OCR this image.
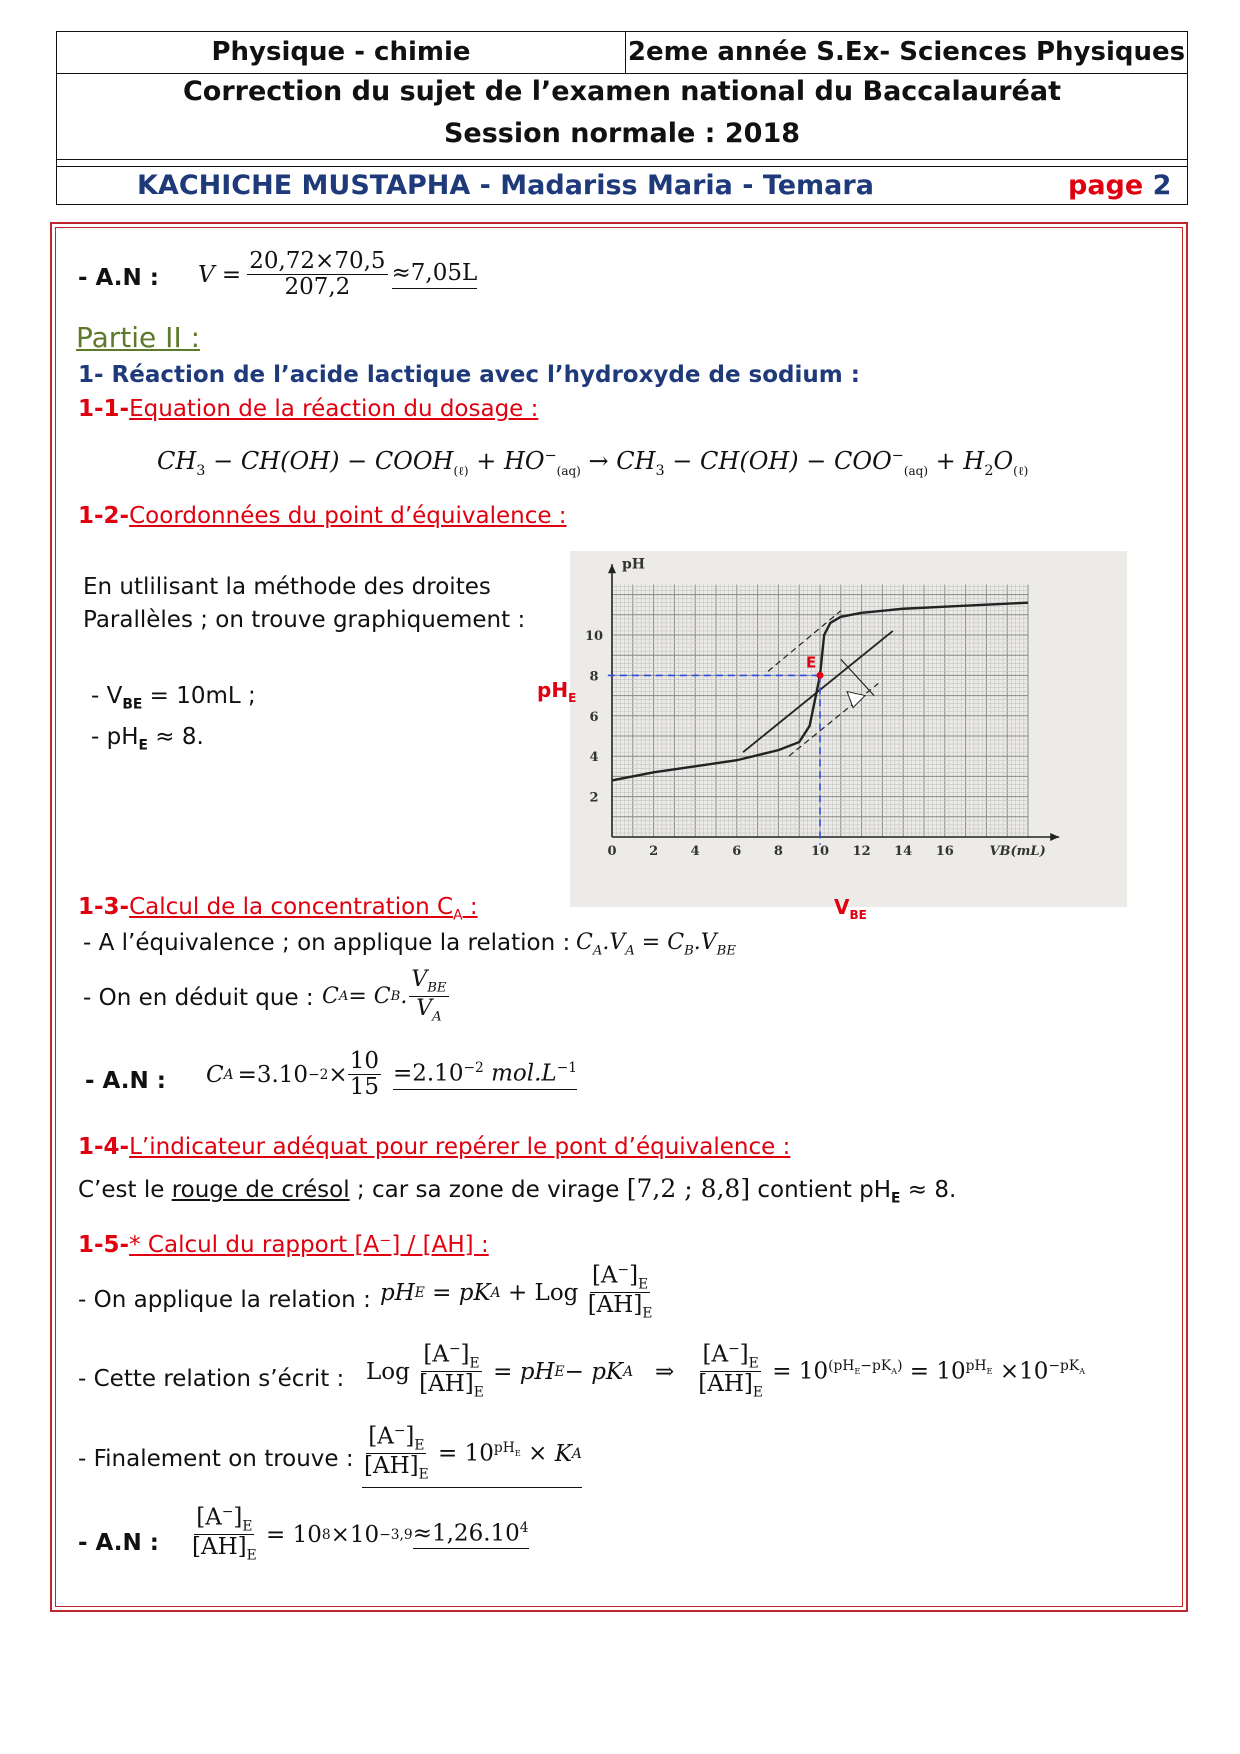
Physique - chimie	2eme année S.Ex- Sciences Physiques
Correction du sujet de l’examen national du Baccalauréat
Session normale : 2018
KACHICHE MUSTAPHA - Madariss Maria - Temara	page 2
- A.N : $V = \frac{20,72\times 70,5}{207,2} \approx 7,05L$
Partie II :
1- Réaction de l’acide lactique avec l’hydroxyde de sodium :
1-1-Equation de la réaction du dosage :
$CH_3 - CH(OH)$ − $COOH_{(\ell)} + HO^-_{(aq)} \to CH_3 - CH(OH) - COO^-_{(aq)} + H_2O_{(\ell)}$
1-2-Coordonnées du point d’équivalence :
En utlilisant la méthode des droites
Parallèles ; on trouve graphiquement :
- $V_{BE} = 10mL$ ;
- $pH_E \approx 8$.
0	2	4	6	8 10 12 14 16
2
4
6
8
10
pH
VB(mL)
E
$pH_E$
$V_{BE}$
1-3-Calcul de la concentration $C_A$ :
- A l’équivalence ; on applique la relation : $C_A.V_A = C_B.V_{BE}$
- On en déduit que : C A = C B . $\frac{V_{BE}}{V_A}$
- A.N : C $A =3.10 -2 \times \frac{10}{15} =2.10^{-2}$ $mol.L^{-1}$
1-4-L’indicateur adéquat pour repérer le pont d’équivalence :
C’est le rouge de crésol ; car sa zone de virage [7,2 ; 8,8] contient $pH_E \approx 8$.
1-5-* Calcul du rapport [A⁻] / [AH] :
- On applique la relation : pH E = pK A + Log
$\frac{[A^-]_E}{[AH]_E}$
- Cette relation s’écrit : Log
$\frac{[A^-]_E}{[AH]_E}$ = pH E − pK A
⇒
$\frac{[A^-]_E}{[AH]_E}$
= $10^{(pH_E-pK_A)} = 10^{pH_E} \times 10^{-pK_A}$
- Finalement on trouve : $\frac{[A^-]_E}{[AH]_E}$
= $10^{pH_E} \times K$ A
- A.N : $\frac{[A^-]_E}{[AH]_E}$
= 10 $8 \times 10 -3,9 \approx 1,26.10^4$
